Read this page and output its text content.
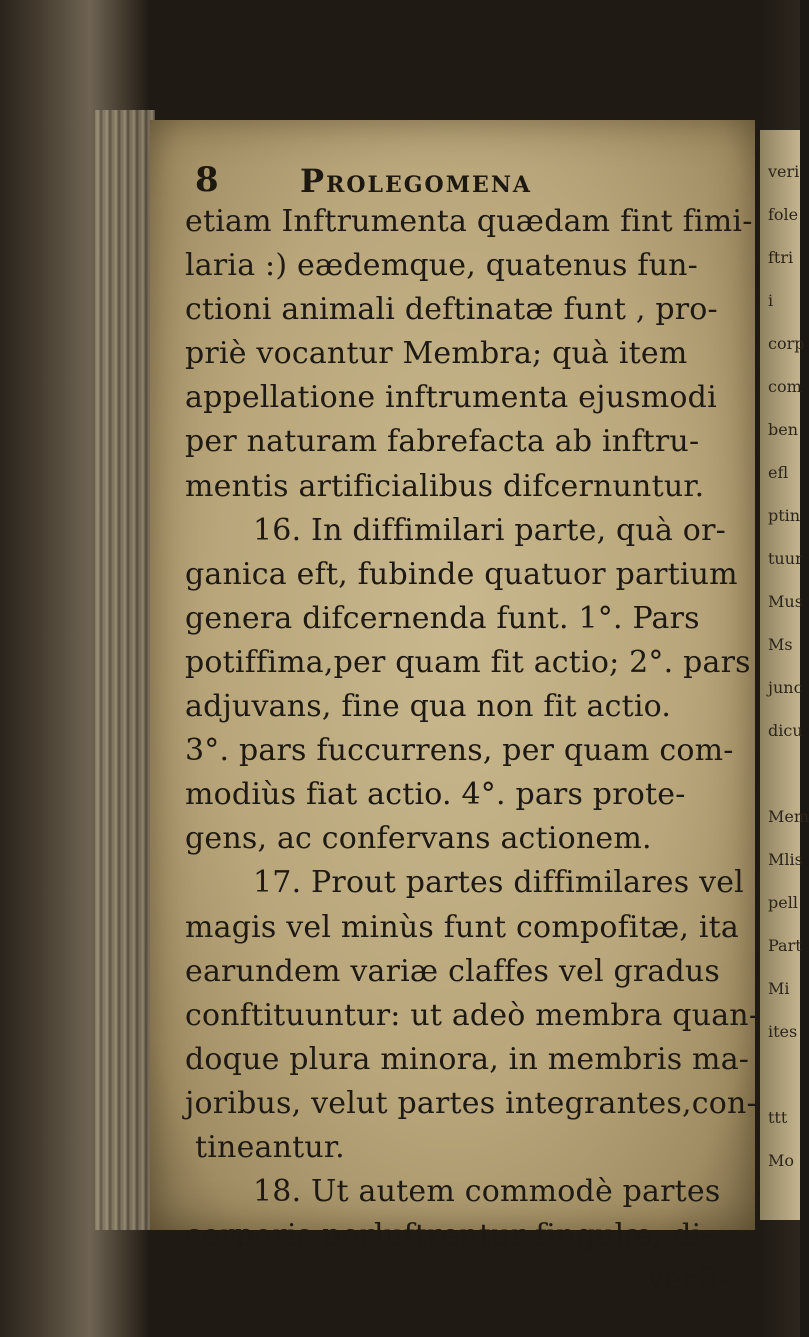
veri
fole
ftri
i
corp
com
ben
efl
ptin
tuur
Mus
Ms
junc
dicu

Mem
Mlis
pell
Part
Mi
ites

ttt
Mo
8	Prolegomena
etiam Inftrumenta quædam fint fimi-
laria :) eædemque, quatenus fun-
ctioni animali deftinatæ funt , pro-
priè vocantur Membra; quà item
appellatione inftrumenta ejusmodi
per naturam fabrefacta ab inftru-
mentis artificialibus difcernuntur.
16. In diffimilari parte, quà or-
ganica eft, fubinde quatuor partium
genera difcernenda funt. 1°. Pars
potiffima,per quam fit actio; 2°. pars
adjuvans, fine qua non fit actio.
3°. pars fuccurrens, per quam com-
modiùs fiat actio. 4°. pars prote-
gens, ac confervans actionem.
17. Prout partes diffimilares vel
magis vel minùs funt compofitæ, ita
earundem variæ claffes vel gradus
conftituuntur: ut adeò membra quan-
doque plura minora, in membris ma-
joribus, velut partes integrantes,con-
tineantur.
18. Ut autem commodè partes
corporis perluftrentur fingulæ, di-
verfi-
